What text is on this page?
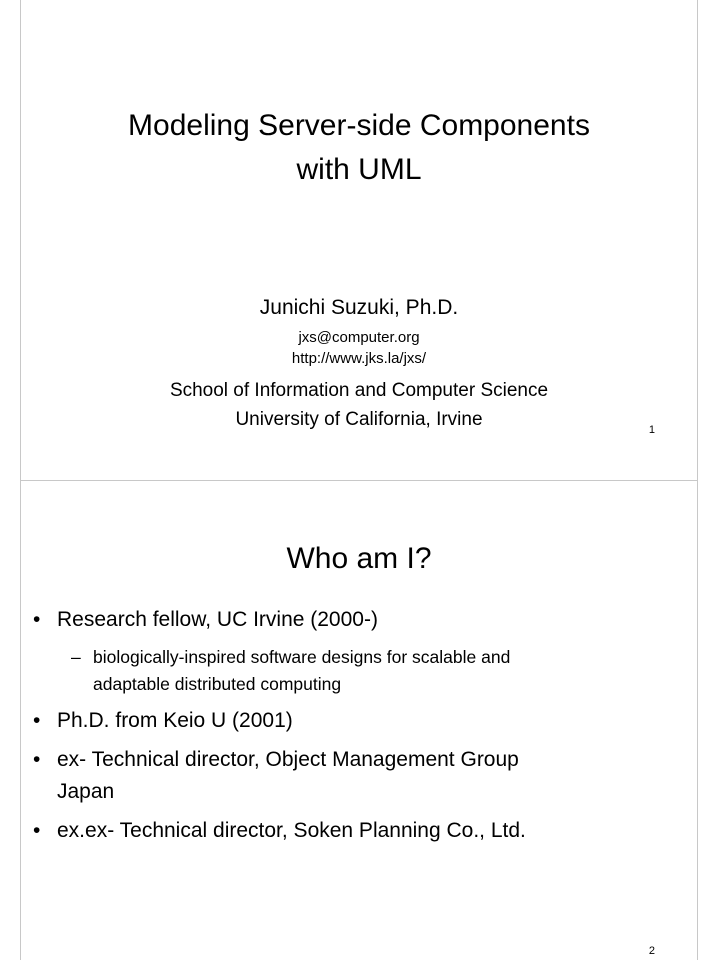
Modeling Server-side Components
with UML
Junichi Suzuki, Ph.D.
jxs@computer.org
http://www.jks.la/jxs/
School of Information and Computer Science
University of California, Irvine	1
Who am I?
• Research fellow, UC Irvine (2000-)
– biologically-inspired software designs for scalable and
adaptable distributed computing
• Ph.D. from Keio U (2001)
• ex- Technical director, Object Management Group
Japan
• ex.ex- Technical director, Soken Planning Co., Ltd.
2
